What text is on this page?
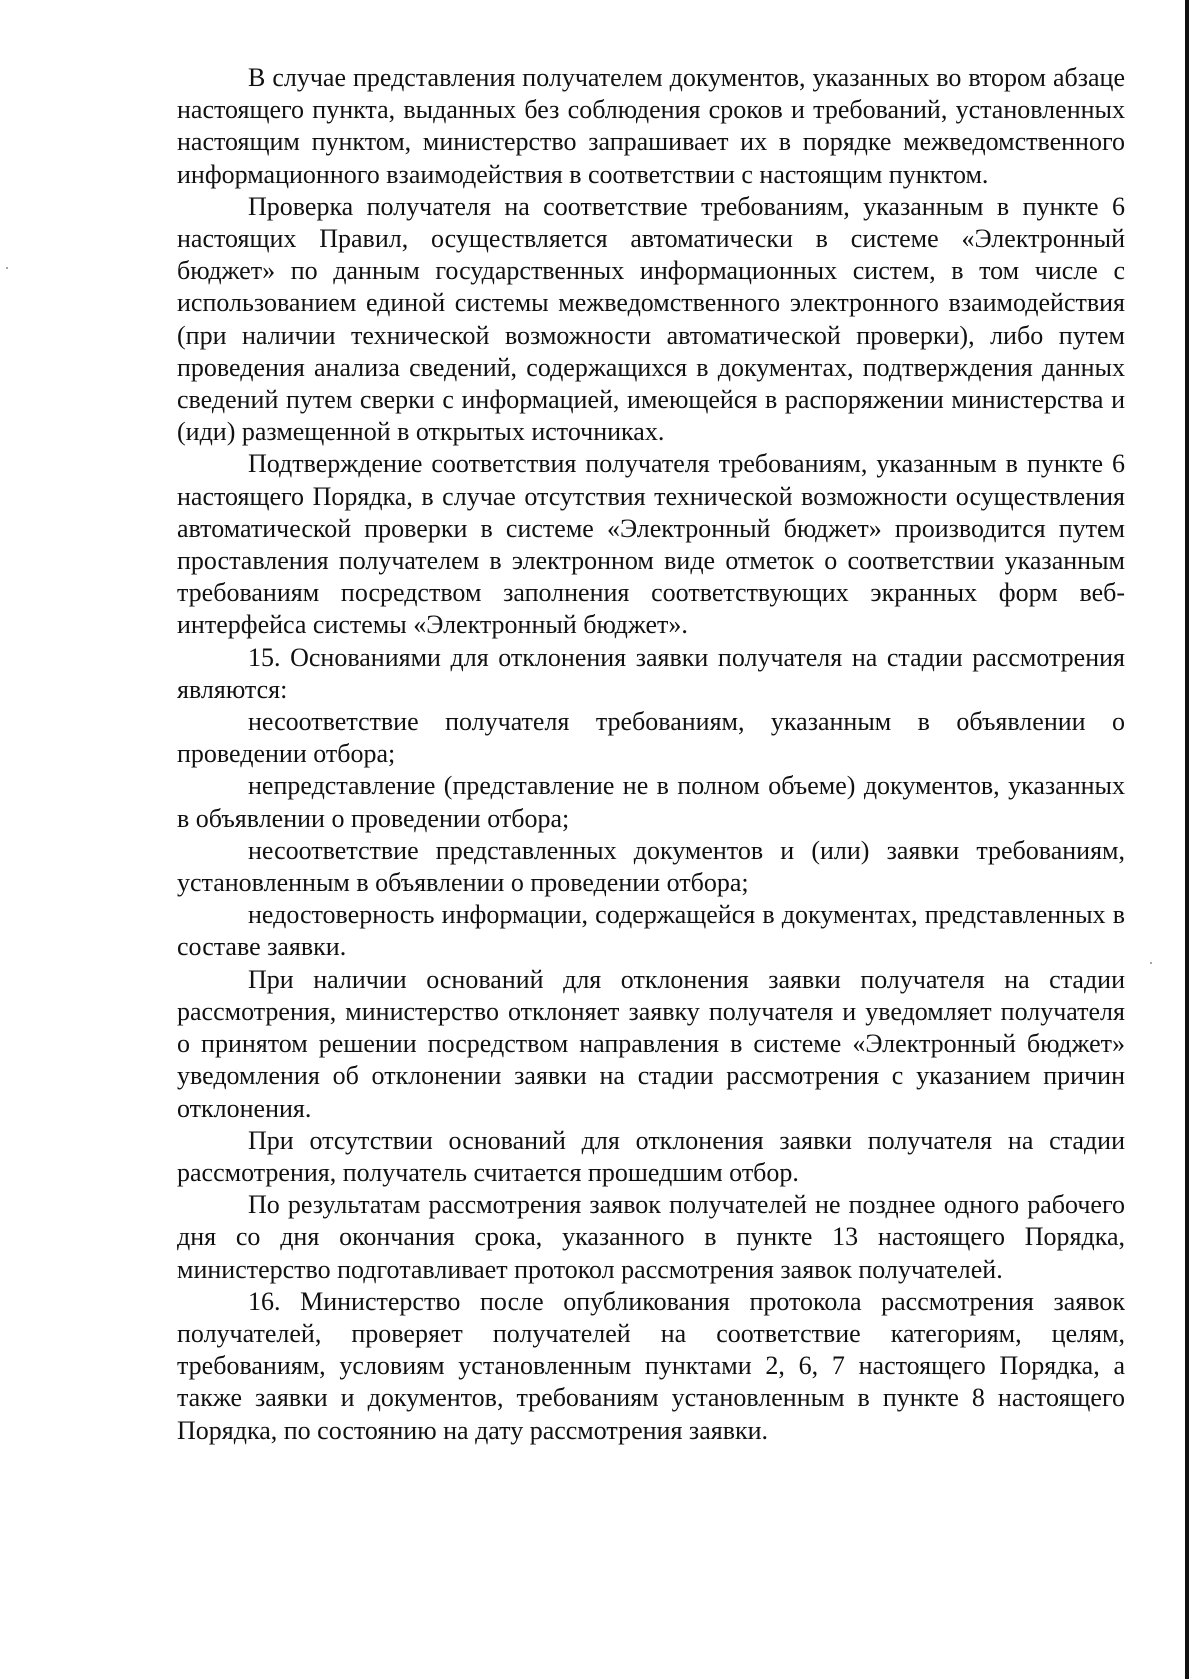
В случае представления получателем документов, указанных во втором абзаце настоящего пункта, выданных без соблюдения сроков и требований, установленных настоящим пунктом, министерство запрашивает их в порядке межведомственного информационного взаимодействия в соответствии с настоящим пунктом.

Проверка получателя на соответствие требованиям, указанным в пункте 6 настоящих Правил, осуществляется автоматически в системе «Электронный бюджет» по данным государственных информационных систем, в том числе с использованием единой системы межведомственного электронного взаимодействия (при наличии технической возможности автоматической проверки), либо путем проведения анализа сведений, содержащихся в документах, подтверждения данных сведений путем сверки с информацией, имеющейся в распоряжении министерства и (иди) размещенной в открытых источниках.

Подтверждение соответствия получателя требованиям, указанным в пункте 6 настоящего Порядка, в случае отсутствия технической возможности осуществления автоматической проверки в системе «Электронный бюджет» производится путем проставления получателем в электронном виде отметок о соответствии указанным требованиям посредством заполнения соответствующих экранных форм веб-интерфейса системы «Электронный бюджет».

15. Основаниями для отклонения заявки получателя на стадии рассмотрения являются:

несоответствие получателя требованиям, указанным в объявлении о проведении отбора;

непредставление (представление не в полном объеме) документов, указанных в объявлении о проведении отбора;

несоответствие представленных документов и (или) заявки требованиям, установленным в объявлении о проведении отбора;

недостоверность информации, содержащейся в документах, представленных в составе заявки.

При наличии оснований для отклонения заявки получателя на стадии рассмотрения, министерство отклоняет заявку получателя и уведомляет получателя о принятом решении посредством направления в системе «Электронный бюджет» уведомления об отклонении заявки на стадии рассмотрения с указанием причин отклонения.

При отсутствии оснований для отклонения заявки получателя на стадии рассмотрения, получатель считается прошедшим отбор.

По результатам рассмотрения заявок получателей не позднее одного рабочего дня со дня окончания срока, указанного в пункте 13 настоящего Порядка, министерство подготавливает протокол рассмотрения заявок получателей.

16. Министерство после опубликования протокола рассмотрения заявок получателей, проверяет получателей на соответствие категориям, целям, требованиям, условиям установленным пунктами 2, 6, 7 настоящего Порядка, а также заявки и документов, требованиям установленным в пункте 8 настоящего Порядка, по состоянию на дату рассмотрения заявки.
